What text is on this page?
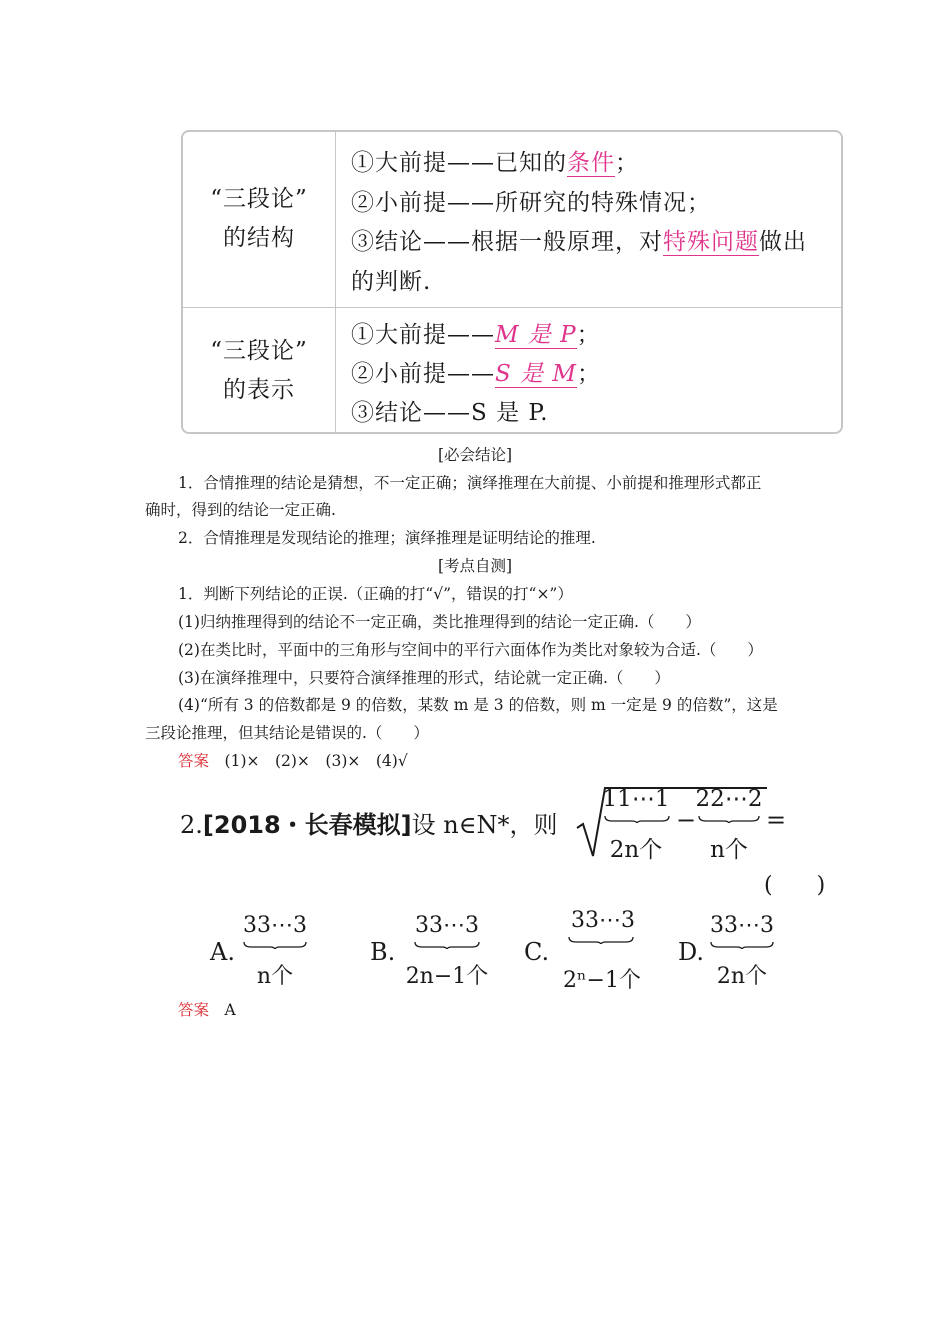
“三段论”
的结构
①大前提——已知的条件；
②小前提——所研究的特殊情况；
③结论——根据一般原理，对特殊问题做出
的判断.
“三段论”
的表示
①大前提——M 是 P；
②小前提——S 是 M；
③结论——S 是 P.
[必会结论]
1．合情推理的结论是猜想，不一定正确；演绎推理在大前提、小前提和推理形式都正
确时，得到的结论一定正确.
2．合情推理是发现结论的推理；演绎推理是证明结论的推理.
[考点自测]
1．判断下列结论的正误.（正确的打“√”，错误的打“×”）
(1)归纳推理得到的结论不一定正确，类比推理得到的结论一定正确.（　　）
(2)在类比时，平面中的三角形与空间中的平行六面体作为类比对象较为合适.（　　）
(3)在演绎推理中，只要符合演绎推理的形式，结论就一定正确.（　　）
(4)“所有 3 的倍数都是 9 的倍数，某数 m 是 3 的倍数，则 m 一定是 9 的倍数”，这是
三段论推理，但其结论是错误的.（　　）
答案　 (1)×　(2)×　(3)×　(4)√
2.[2018・长春模拟]设 n∈N*，则
11⋯1
2n个
−
22⋯2
n个
=
(　　)
A.
33⋯3
n个
B.
33⋯3
2n−1个
C.
33⋯3
2ⁿ−1个
D.
33⋯3
2n个
答案　 A
